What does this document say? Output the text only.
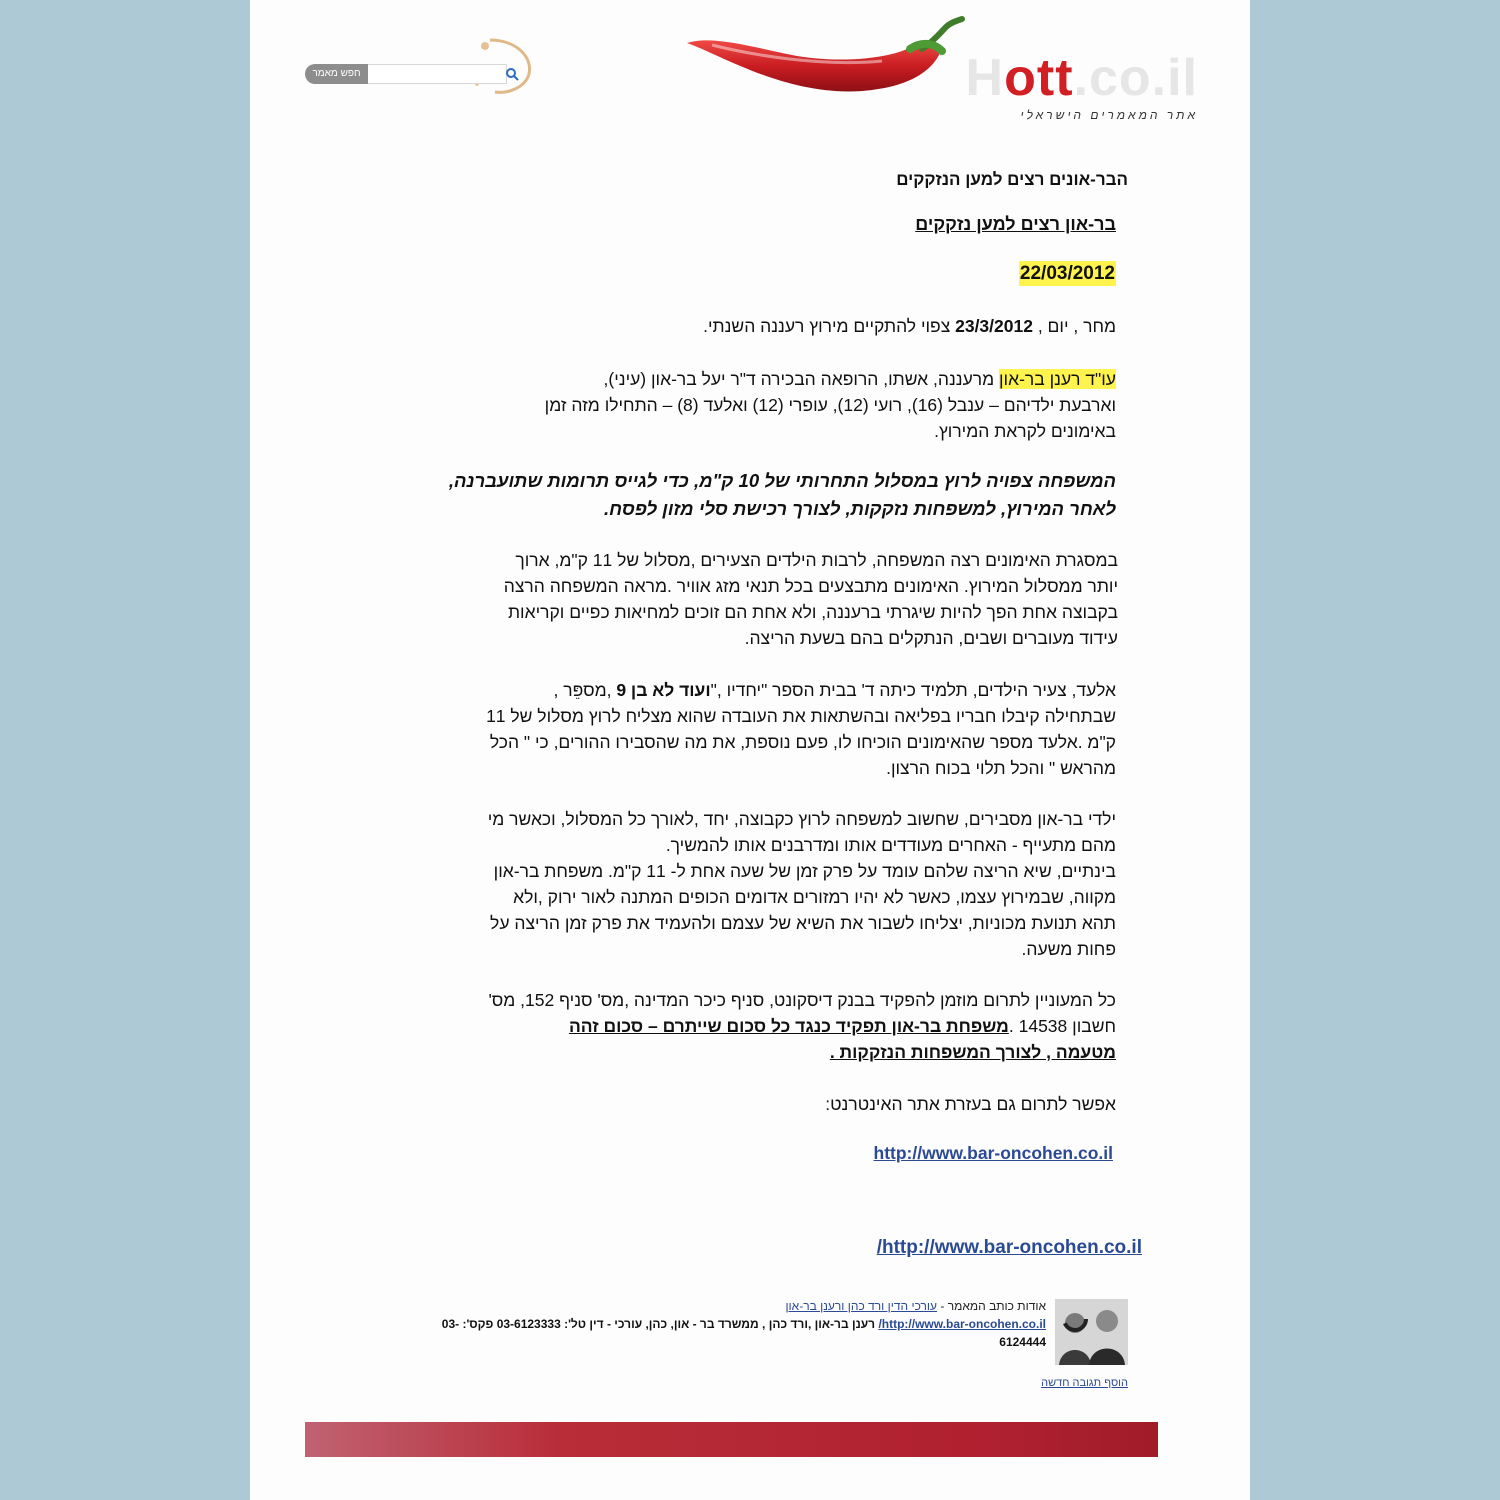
Hott.co.il
אתר המאמרים הישראלי
חפש מאמר
הבר-אונים רצים למען הנזקקים
בר-און רצים למען נזקקים
22/03/2012
מחר , יום , 23/3/2012 צפוי להתקיים מירוץ רעננה השנתי.
עו"ד רענן בר-און מרעננה, אשתו, הרופאה הבכירה ד"ר יעל בר-און (עיני),
וארבעת ילדיהם – ענבל (16), רועי (12), עופרי (12) ואלעד (8) – התחילו מזה זמן
באימונים לקראת המירוץ.
המשפחה צפויה לרוץ במסלול התחרותי של 10 ק"מ, כדי לגייס תרומות שתועברנה,
לאחר המירוץ, למשפחות נזקקות, לצורך רכישת סלי מזון לפסח.
במסגרת האימונים רצה המשפחה, לרבות הילדים הצעירים ,מסלול של 11 ק"מ, ארוך
יותר ממסלול המירוץ. האימונים מתבצעים בכל תנאי מזג אוויר .מראה המשפחה הרצה
בקבוצה אחת הפך להיות שיגרתי ברעננה, ולא אחת הם זוכים למחיאות כפיים וקריאות
עידוד מעוברים ושבים, הנתקלים בהם בשעת הריצה.
אלעד, צעיר הילדים, תלמיד כיתה ד' בבית הספר "יחדיו ,"ועוד לא בן 9 ,מספֵּר ,
שבתחילה קיבלו חבריו בפליאה ובהשתאות את העובדה שהוא מצליח לרוץ מסלול של 11
ק"מ .אלעד מספר שהאימונים הוכיחו לו, פעם נוספת, את מה שהסבירו ההורים, כי " הכל
מהראש " והכל תלוי בכוח הרצון.
ילדי בר-און מסבירים, שחשוב למשפחה לרוץ כקבוצה, יחד ,לאורך כל המסלול, וכאשר מי
מהם מתעייף - האחרים מעודדים אותו ומדרבנים אותו להמשיך.
בינתיים, שיא הריצה שלהם עומד על פרק זמן של שעה אחת ל- 11 ק"מ. משפחת בר-און
מקווה, שבמירוץ עצמו, כאשר לא יהיו רמזורים אדומים הכופים המתנה לאור ירוק ,ולא
תהא תנועת מכוניות, יצליחו לשבור את השיא של עצמם ולהעמיד את פרק זמן הריצה על
פחות משעה.
כל המעוניין לתרום מוזמן להפקיד בבנק דיסקונט, סניף כיכר המדינה ,מס' סניף 152, מס'
חשבון 14538 .משפחת בר-און תפקיד כנגד כל סכום שייתרם – סכום זהה
מטעמה , לצורך המשפחות הנזקקות .
אפשר לתרום גם בעזרת אתר האינטרנט:
http://www.bar-oncohen.co.il
http://www.bar-oncohen.co.il/
אודות כותב המאמר - עורכי הדין ורד כהן ורענן בר-און
http://www.bar-oncohen.co.il/ רענן בר-און ,ורד כהן , ממשרד בר - און, כהן, עורכי - דין טל': 03-6123333 פקס': -03
6124444
הוסף תגובה חדשה
